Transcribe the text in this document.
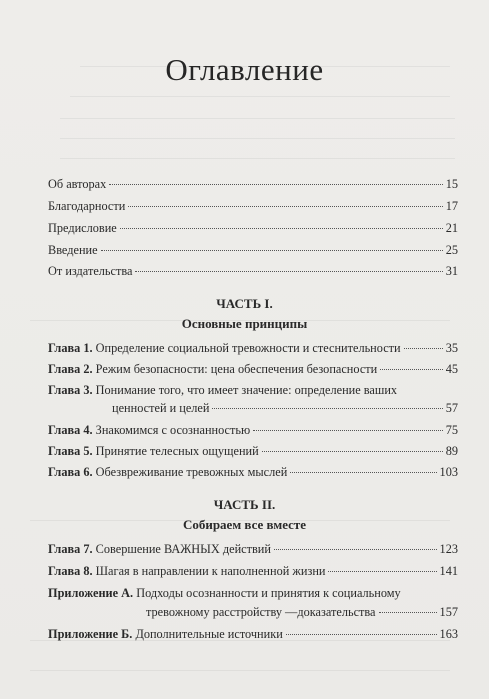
Оглавление
Об авторах	15
Благодарности	17
Предисловие	21
Введение	25
От издательства	31
ЧАСТЬ I.
Основные принципы
Глава 1. Определение социальной тревожности и стеснительности	35
Глава 2. Режим безопасности: цена обеспечения безопасности	45
Глава 3. Понимание того, что имеет значение: определение ваших
ценностей и целей	57
Глава 4. Знакомимся с осознанностью	75
Глава 5. Принятие телесных ощущений	89
Глава 6. Обезвреживание тревожных мыслей	103
ЧАСТЬ II.
Собираем все вместе
Глава 7. Совершение ВАЖНЫХ действий	123
Глава 8. Шагая в направлении к наполненной жизни	141
Приложение А. Подходы осознанности и принятия к социальному
тревожному расстройству —доказательства	157
Приложение Б. Дополнительные источники	163
